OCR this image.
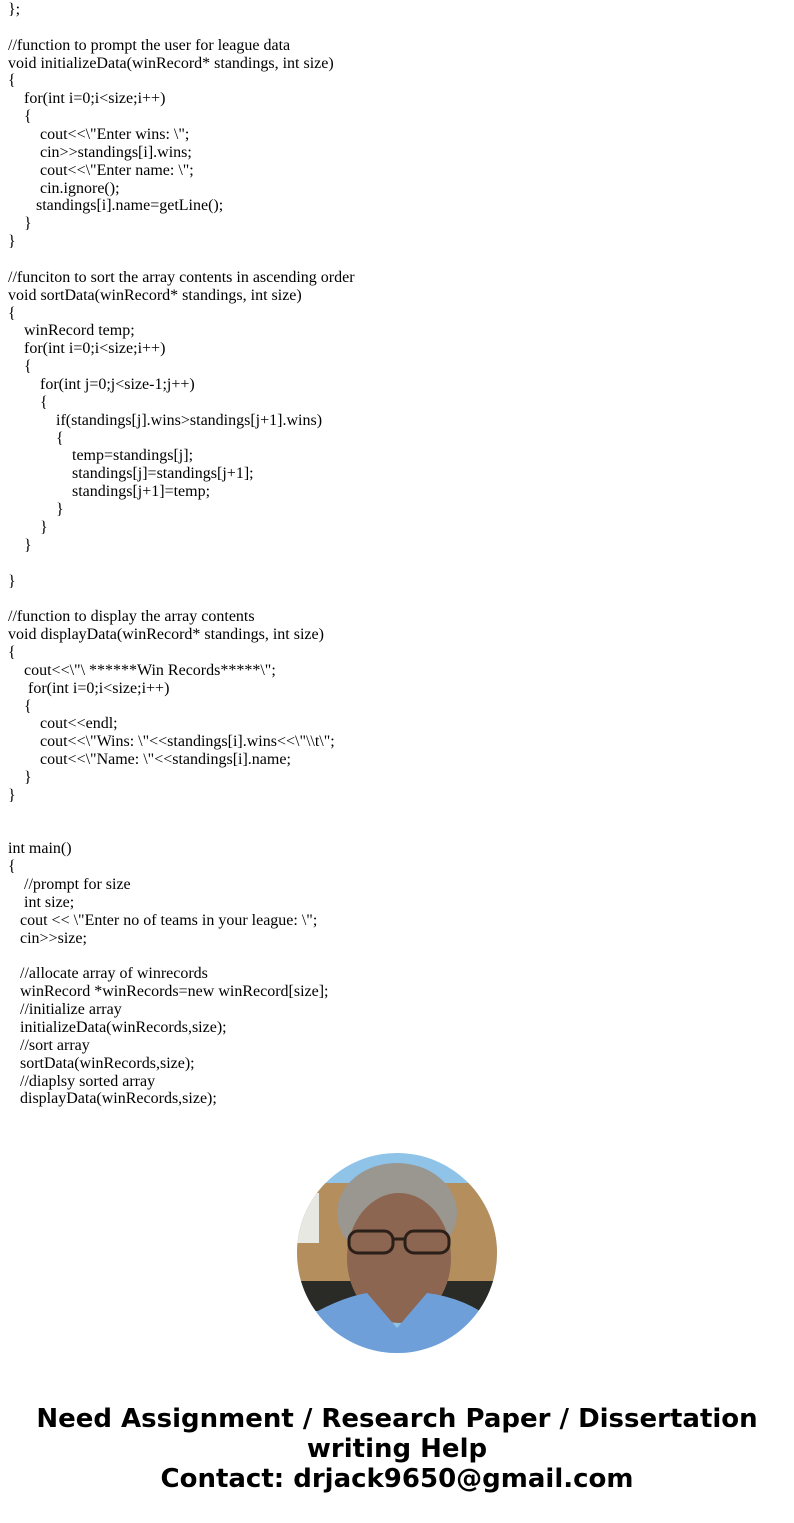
};
//function to prompt the user for league data
void initializeData(winRecord* standings, int size)
{
for(int i=0;i<size;i++)
{
cout<<\"Enter wins: \";
cin>>standings[i].wins;
cout<<\"Enter name: \";
cin.ignore();
standings[i].name=getLine();
}
}
//funciton to sort the array contents in ascending order
void sortData(winRecord* standings, int size)
{
winRecord temp;
for(int i=0;i<size;i++)
{
for(int j=0;j<size-1;j++)
{
if(standings[j].wins>standings[j+1].wins)
{
temp=standings[j];
standings[j]=standings[j+1];
standings[j+1]=temp;
}
}
}
}
//function to display the array contents
void displayData(winRecord* standings, int size)
{
cout<<\"\ ******Win Records*****\";
for(int i=0;i<size;i++)
{
cout<<endl;
cout<<\"Wins: \"<<standings[i].wins<<\"\\t\";
cout<<\"Name: \"<<standings[i].name;
}
}
int main()
{
//prompt for size
int size;
cout << \"Enter no of teams in your league: \";
cin>>size;
//allocate array of winrecords
winRecord *winRecords=new winRecord[size];
//initialize array
initializeData(winRecords,size);
//sort array
sortData(winRecords,size);
//diaplsy sorted array
displayData(winRecords,size);
Need Assignment / Research Paper / Dissertation
writing Help
Contact: drjack9650@gmail.com
